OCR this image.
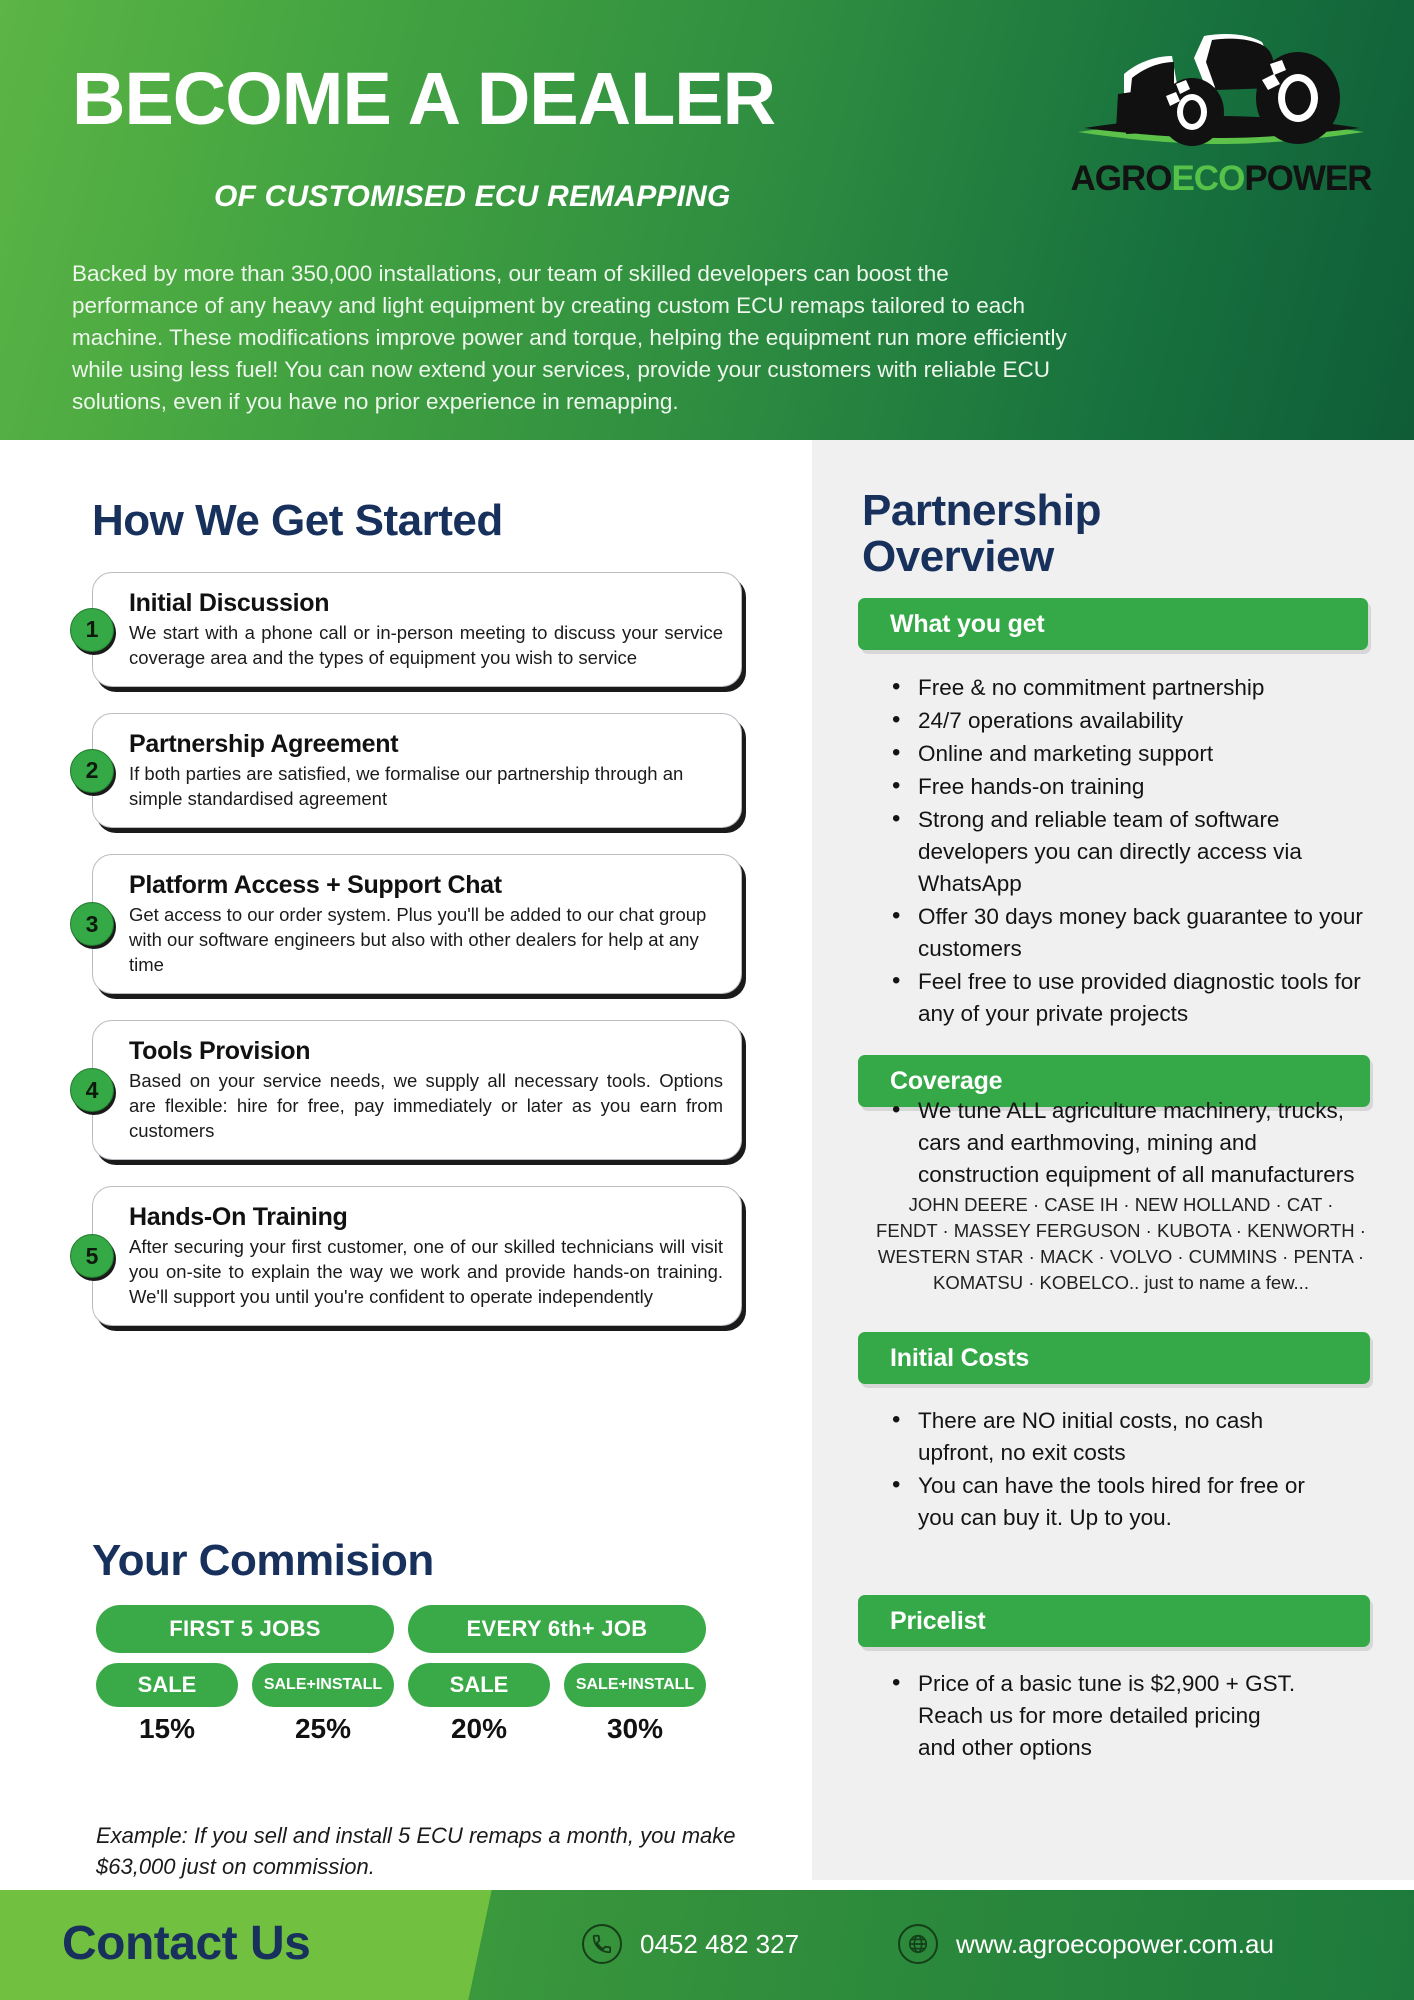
BECOME A DEALER
OF CUSTOMISED ECU REMAPPING
Backed by more than 350,000 installations, our team of skilled developers can boost the performance of any heavy and light equipment by creating custom ECU remaps tailored to each machine. These modifications improve power and torque, helping the equipment run more efficiently while using less fuel! You can now extend your services, provide your customers with reliable ECU solutions, even if you have no prior experience in remapping.
AGROECOPOWER
How We Get Started
1
Initial Discussion
We start with a phone call or in-person meeting to discuss your service coverage area and the types of equipment you wish to service
2
Partnership Agreement
If both parties are satisfied, we formalise our partnership through an simple standardised agreement
3
Platform Access + Support Chat
Get access to our order system. Plus you'll be added to our chat group with our software engineers but also with other dealers for help at any time
4
Tools Provision
Based on your service needs, we supply all necessary tools. Options are flexible: hire for free, pay immediately or later as you earn from customers
5
Hands-On Training
After securing your first customer, one of our skilled technicians will visit you on-site to explain the way we work and provide hands-on training. We'll support you until you're confident to operate independently
Your Commision
FIRST 5 JOBS	EVERY 6th+ JOB
SALE	SALE+INSTALL	SALE	SALE+INSTALL
15%	25%	20%	30%
Example: If you sell and install 5 ECU remaps a month, you make $63,000 just on commission.
Partnership Overview
What you get
• Free & no commitment partnership
• 24/7 operations availability
• Online and marketing support
• Free hands-on training
• Strong and reliable team of software developers you can directly access via WhatsApp
• Offer 30 days money back guarantee to your customers
• Feel free to use provided diagnostic tools for any of your private projects
Coverage
• We tune ALL agriculture machinery, trucks, cars and earthmoving, mining and construction equipment of all manufacturers
JOHN DEERE · CASE IH · NEW HOLLAND · CAT · FENDT · MASSEY FERGUSON · KUBOTA · KENWORTH · WESTERN STAR · MACK · VOLVO · CUMMINS · PENTA · KOMATSU · KOBELCO.. just to name a few...
Initial Costs
• There are NO initial costs, no cash upfront, no exit costs
• You can have the tools hired for free or you can buy it. Up to you.
Pricelist
• Price of a basic tune is $2,900 + GST. Reach us for more detailed pricing and other options
Contact Us	0452 482 327	www.agroecopower.com.au
